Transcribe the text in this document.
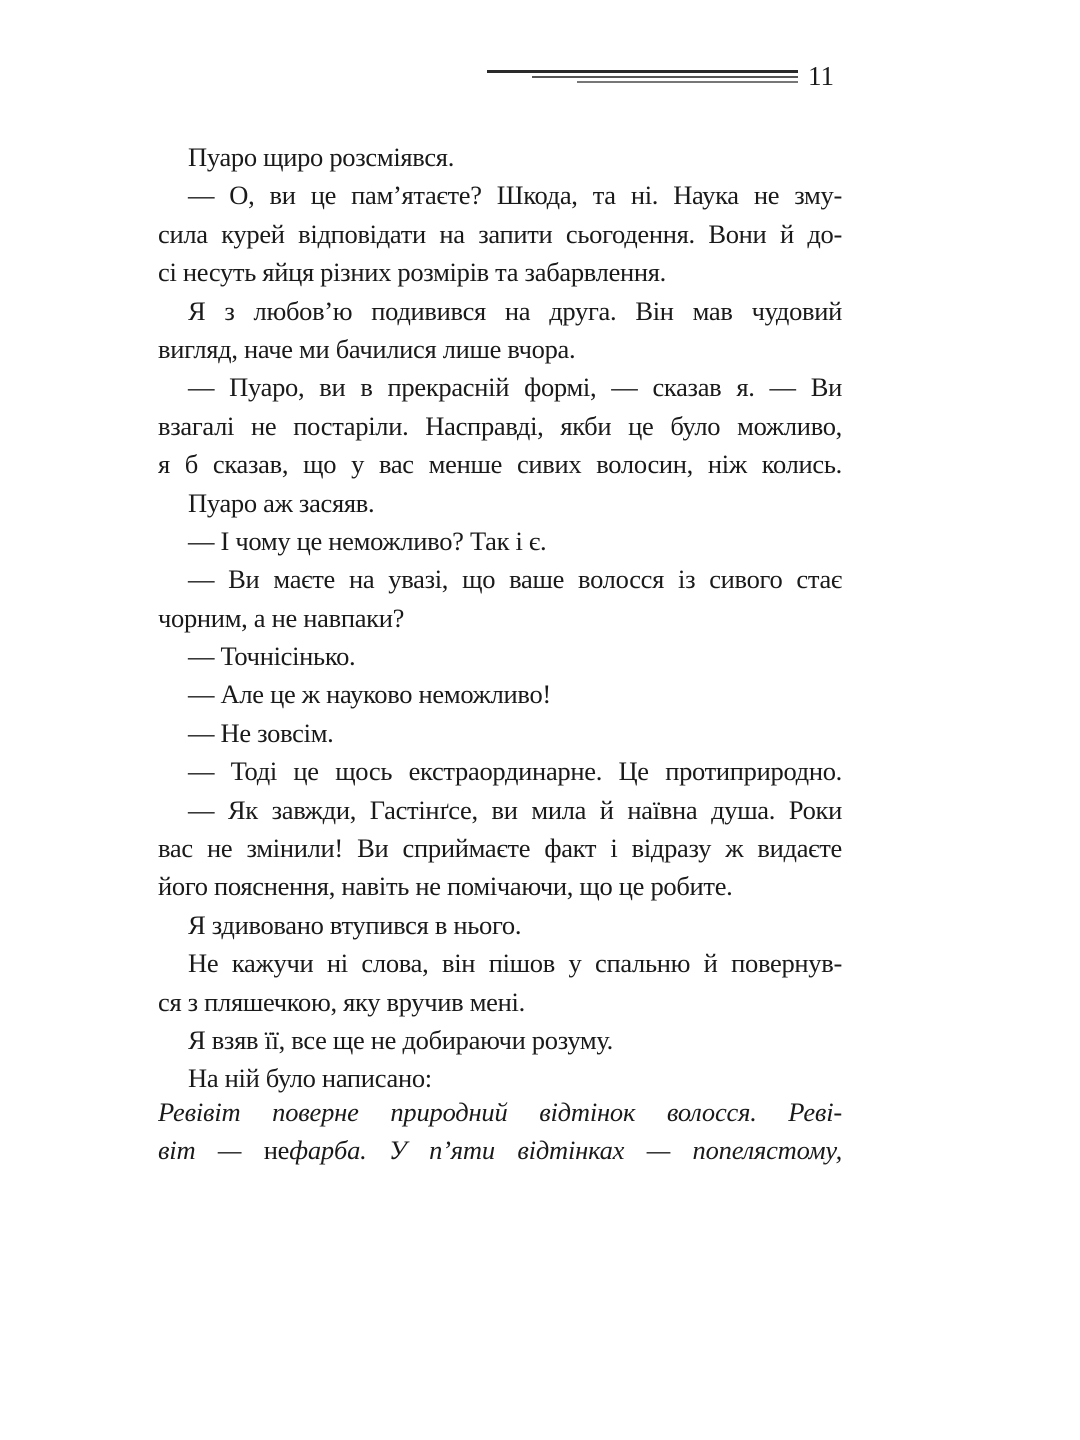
11
Пуаро щиро розсміявся.
— О, ви це пам’ятаєте? Шкода, та ні. Наука не зму-
сила курей відповідати на запити сьогодення. Вони й до-
сі несуть яйця різних розмірів та забарвлення.
Я з любов’ю подивився на друга. Він мав чудовий
вигляд, наче ми бачилися лише вчора.
— Пуаро, ви в прекрасній формі, — сказав я. — Ви
взагалі не постаріли. Насправді, якби це було можливо,
я б сказав, що у вас менше сивих волосин, ніж колись.
Пуаро аж засяяв.
— І чому це неможливо? Так і є.
— Ви маєте на увазі, що ваше волосся із сивого стає
чорним, а не навпаки?
— Точнісінько.
— Але це ж науково неможливо!
— Не зовсім.
— Тоді це щось екстраординарне. Це протиприродно.
— Як завжди, Гастінґсе, ви мила й наївна душа. Роки
вас не змінили! Ви сприймаєте факт і відразу ж видаєте
його пояснення, навіть не помічаючи, що це робите.
Я здивовано втупився в нього.
Не кажучи ні слова, він пішов у спальню й повернув-
ся з пляшечкою, яку вручив мені.
Я взяв її, все ще не добираючи розуму.
На ній було написано:
Ревівіт поверне природний відтінок волосся. Реві-
віт — нефарба. У п’яти відтінках — попелястому,
